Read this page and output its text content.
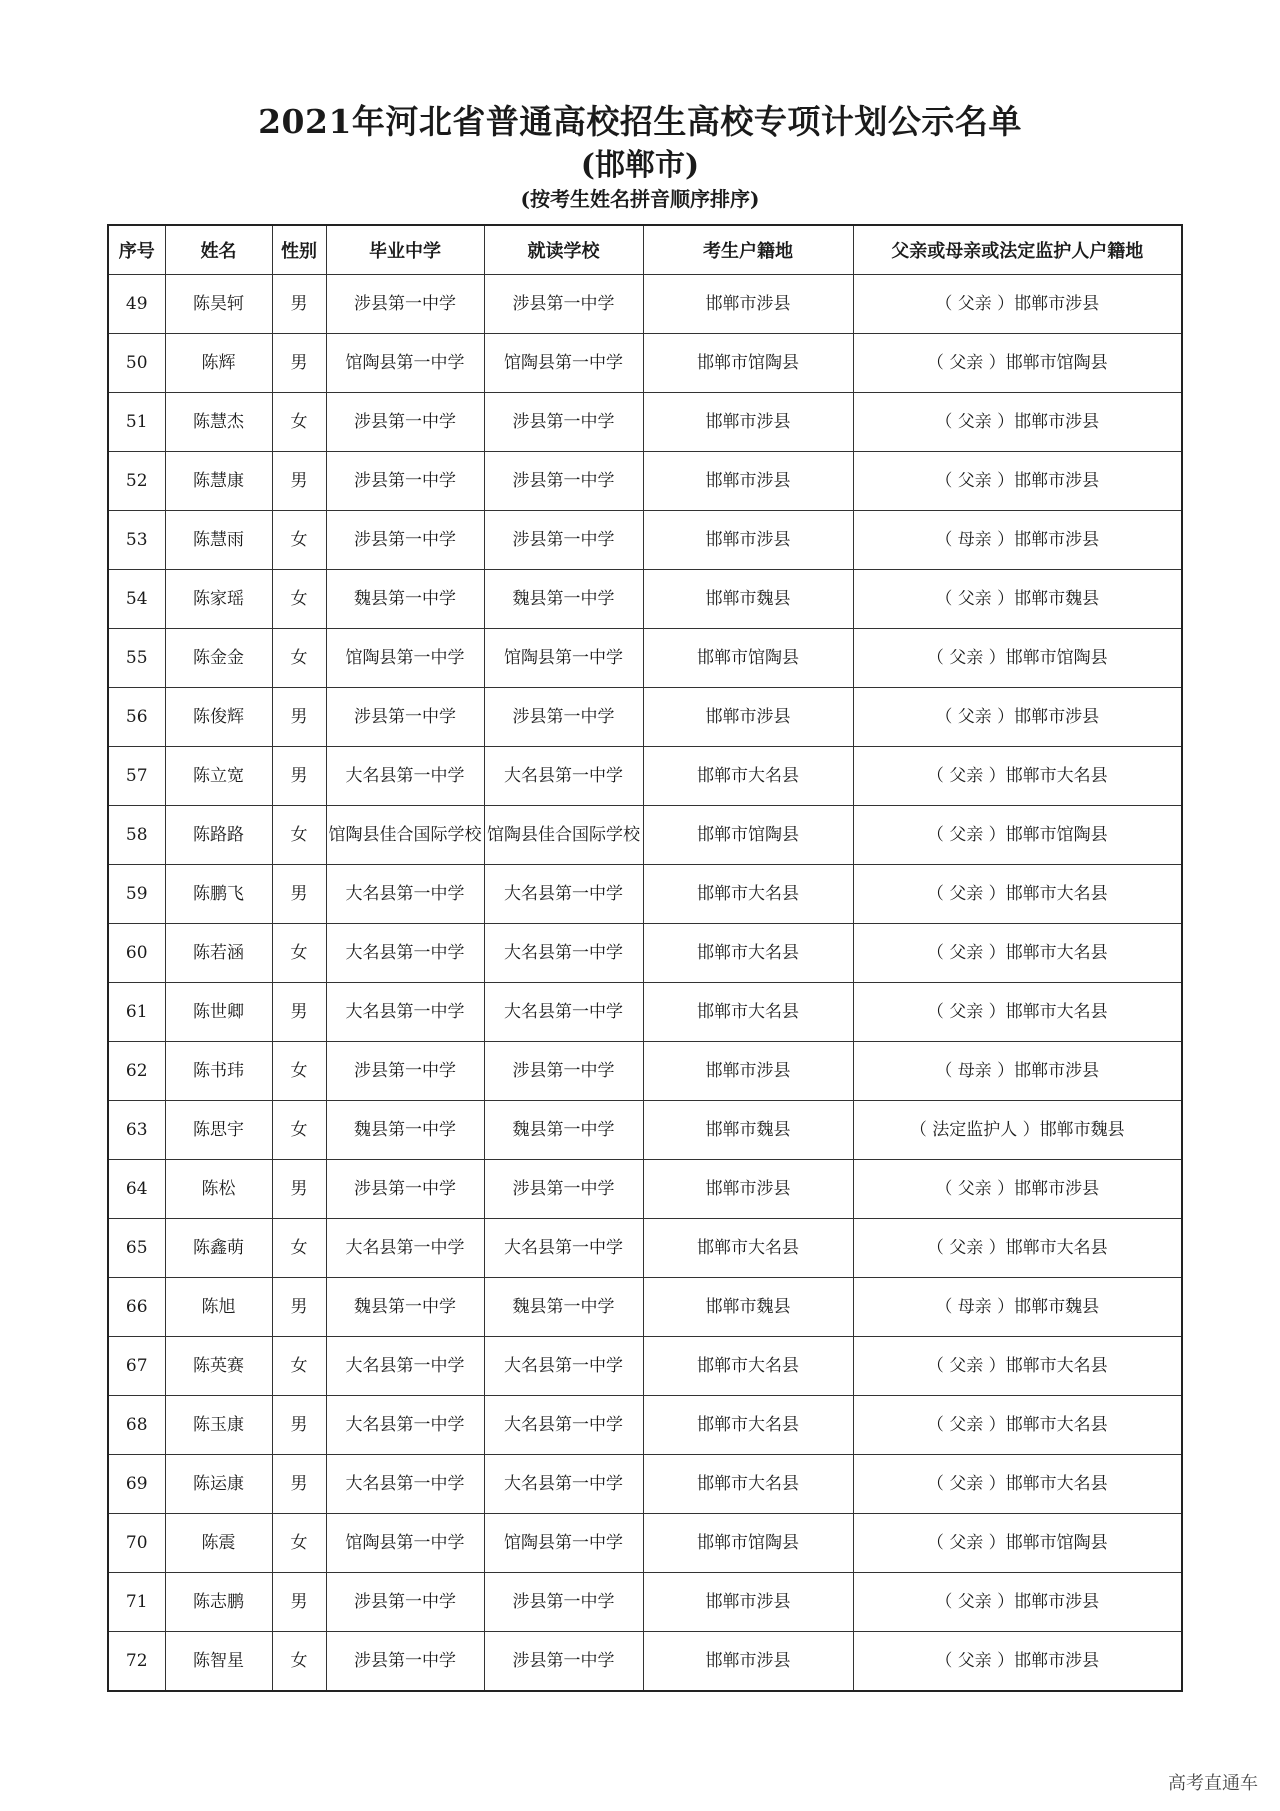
2021年河北省普通高校招生高校专项计划公示名单
(邯郸市)
(按考生姓名拼音顺序排序)
序号	姓名	性别	毕业中学	就读学校	考生户籍地	父亲或母亲或法定监护人户籍地
49	陈昊轲	男	涉县第一中学	涉县第一中学	邯郸市涉县	（ 父亲 ）邯郸市涉县
50	陈辉	男	馆陶县第一中学	馆陶县第一中学	邯郸市馆陶县	（ 父亲 ）邯郸市馆陶县
51	陈慧杰	女	涉县第一中学	涉县第一中学	邯郸市涉县	（ 父亲 ）邯郸市涉县
52	陈慧康	男	涉县第一中学	涉县第一中学	邯郸市涉县	（ 父亲 ）邯郸市涉县
53	陈慧雨	女	涉县第一中学	涉县第一中学	邯郸市涉县	（ 母亲 ）邯郸市涉县
54	陈家瑶	女	魏县第一中学	魏县第一中学	邯郸市魏县	（ 父亲 ）邯郸市魏县
55	陈金金	女	馆陶县第一中学	馆陶县第一中学	邯郸市馆陶县	（ 父亲 ）邯郸市馆陶县
56	陈俊辉	男	涉县第一中学	涉县第一中学	邯郸市涉县	（ 父亲 ）邯郸市涉县
57	陈立宽	男	大名县第一中学	大名县第一中学	邯郸市大名县	（ 父亲 ）邯郸市大名县
58	陈路路	女	馆陶县佳合国际学校	馆陶县佳合国际学校	邯郸市馆陶县	（ 父亲 ）邯郸市馆陶县
59	陈鹏飞	男	大名县第一中学	大名县第一中学	邯郸市大名县	（ 父亲 ）邯郸市大名县
60	陈若涵	女	大名县第一中学	大名县第一中学	邯郸市大名县	（ 父亲 ）邯郸市大名县
61	陈世卿	男	大名县第一中学	大名县第一中学	邯郸市大名县	（ 父亲 ）邯郸市大名县
62	陈书玮	女	涉县第一中学	涉县第一中学	邯郸市涉县	（ 母亲 ）邯郸市涉县
63	陈思宇	女	魏县第一中学	魏县第一中学	邯郸市魏县	（ 法定监护人 ）邯郸市魏县
64	陈松	男	涉县第一中学	涉县第一中学	邯郸市涉县	（ 父亲 ）邯郸市涉县
65	陈鑫萌	女	大名县第一中学	大名县第一中学	邯郸市大名县	（ 父亲 ）邯郸市大名县
66	陈旭	男	魏县第一中学	魏县第一中学	邯郸市魏县	（ 母亲 ）邯郸市魏县
67	陈英赛	女	大名县第一中学	大名县第一中学	邯郸市大名县	（ 父亲 ）邯郸市大名县
68	陈玉康	男	大名县第一中学	大名县第一中学	邯郸市大名县	（ 父亲 ）邯郸市大名县
69	陈运康	男	大名县第一中学	大名县第一中学	邯郸市大名县	（ 父亲 ）邯郸市大名县
70	陈震	女	馆陶县第一中学	馆陶县第一中学	邯郸市馆陶县	（ 父亲 ）邯郸市馆陶县
71	陈志鹏	男	涉县第一中学	涉县第一中学	邯郸市涉县	（ 父亲 ）邯郸市涉县
72	陈智星	女	涉县第一中学	涉县第一中学	邯郸市涉县	（ 父亲 ）邯郸市涉县
高考直通车
